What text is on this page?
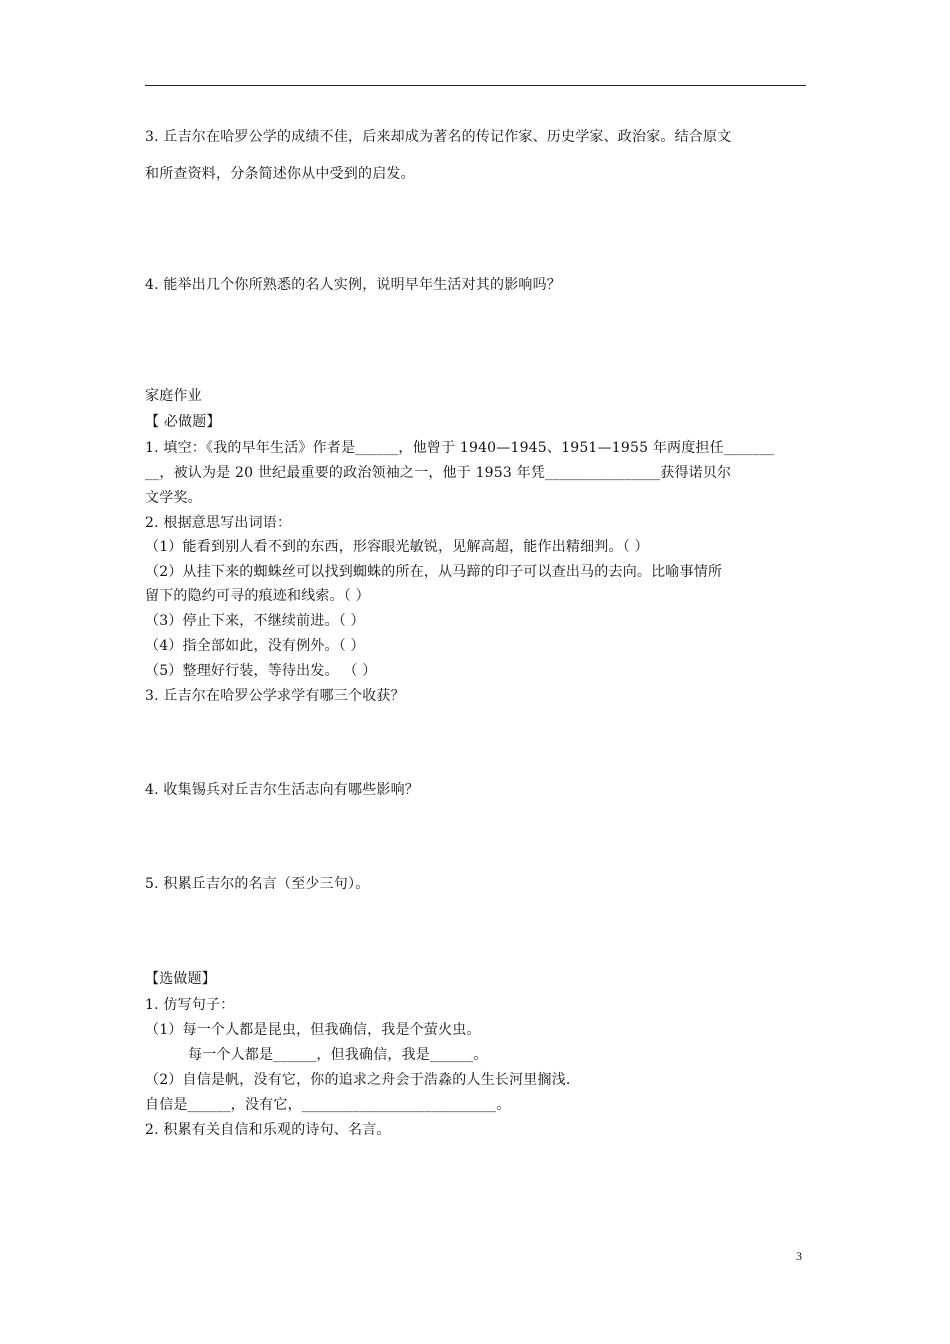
3. 丘吉尔在哈罗公学的成绩不佳，后来却成为著名的传记作家、历史学家、政治家。结合原文
和所查资料，分条简述你从中受到的启发。
4. 能举出几个你所熟悉的名人实例，说明早年生活对其的影响吗？
家庭作业
【 必做题】
1. 填空：《我的早年生活》作者是______，他曾于 1940—1945、1951—1955 年两度担任_______
__，被认为是 20 世纪最重要的政治领袖之一，他于 1953 年凭________________获得诺贝尔
文学奖。
2. 根据意思写出词语：
（1）能看到别人看不到的东西，形容眼光敏锐，见解高超，能作出精细判。（ ）
（2）从挂下来的蜘蛛丝可以找到蜘蛛的所在，从马蹄的印子可以查出马的去向。比喻事情所
留下的隐约可寻的痕迹和线索。（ ）
（3）停止下来，不继续前进。（ ）
（4）指全部如此，没有例外。（ ）
（5）整理好行装，等待出发。 （ ）
3. 丘吉尔在哈罗公学求学有哪三个收获？
4. 收集锡兵对丘吉尔生活志向有哪些影响？
5. 积累丘吉尔的名言（至少三句）。
【选做题】
1. 仿写句子：
（1）每一个人都是昆虫，但我确信，我是个萤火虫。
每一个人都是______，但我确信，我是______。
（2）自信是帆，没有它，你的追求之舟会于浩淼的人生长河里搁浅.
自信是______，没有它，___________________________。
2. 积累有关自信和乐观的诗句、名言。
3
